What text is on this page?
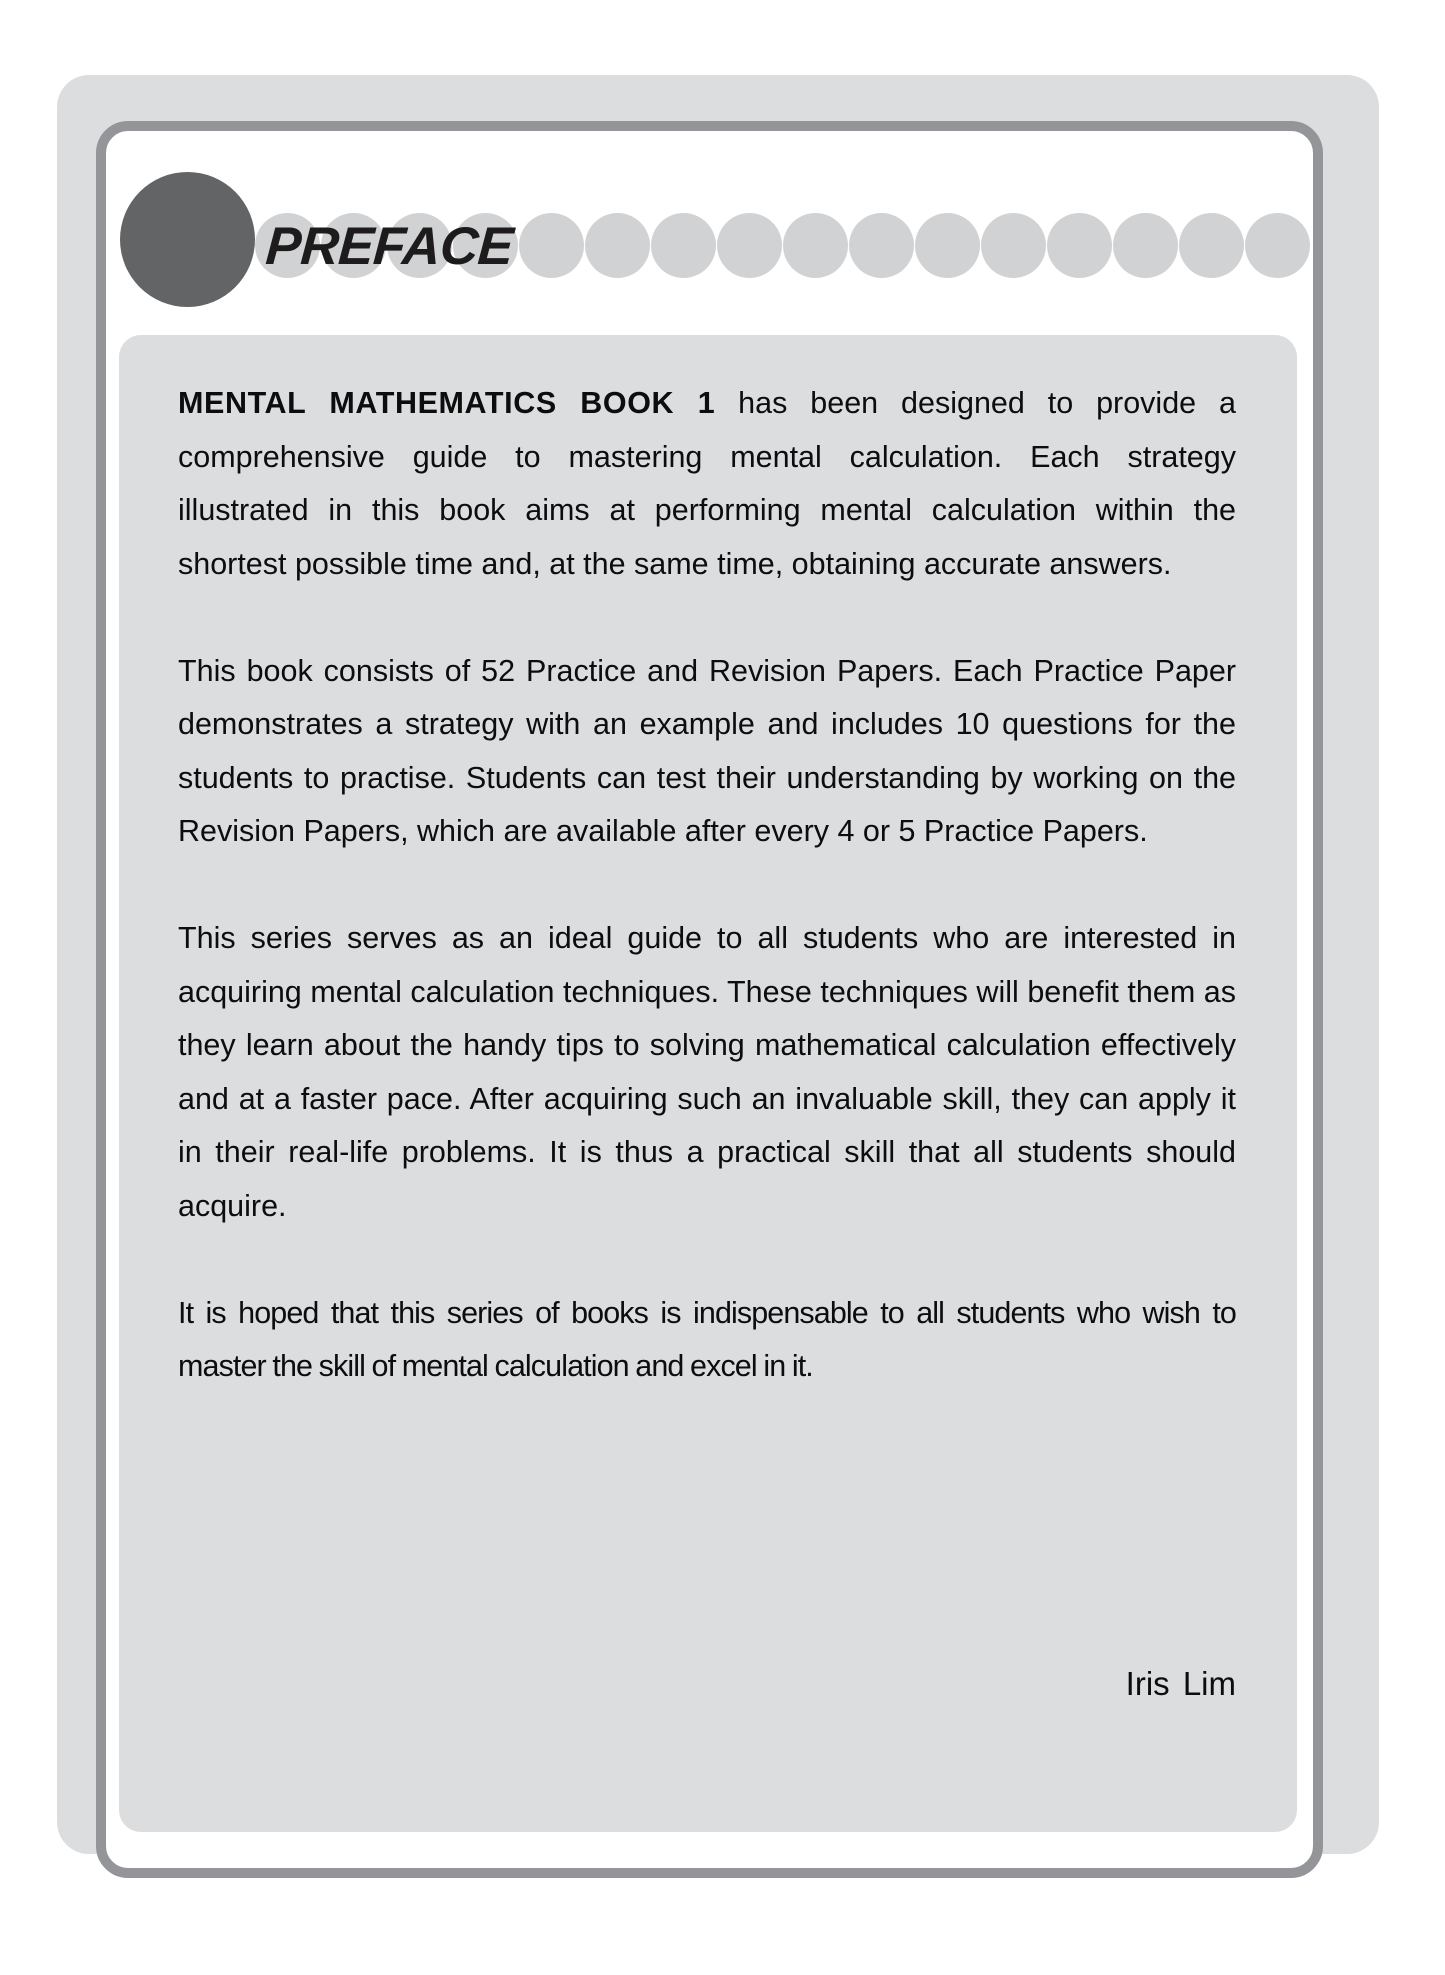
PREFACE

MENTAL MATHEMATICS BOOK 1 has been designed to provide a comprehensive guide to mastering mental calculation. Each strategy illustrated in this book aims at performing mental calculation within the shortest possible time and, at the same time, obtaining accurate answers.

This book consists of 52 Practice and Revision Papers. Each Practice Paper demonstrates a strategy with an example and includes 10 questions for the students to practise. Students can test their understanding by working on the Revision Papers, which are available after every 4 or 5 Practice Papers.

This series serves as an ideal guide to all students who are interested in acquiring mental calculation techniques. These techniques will benefit them as they learn about the handy tips to solving mathematical calculation effectively and at a faster pace. After acquiring such an invaluable skill, they can apply it in their real-life problems. It is thus a practical skill that all students should acquire.

It is hoped that this series of books is indispensable to all students who wish to master the skill of mental calculation and excel in it.

Iris Lim
